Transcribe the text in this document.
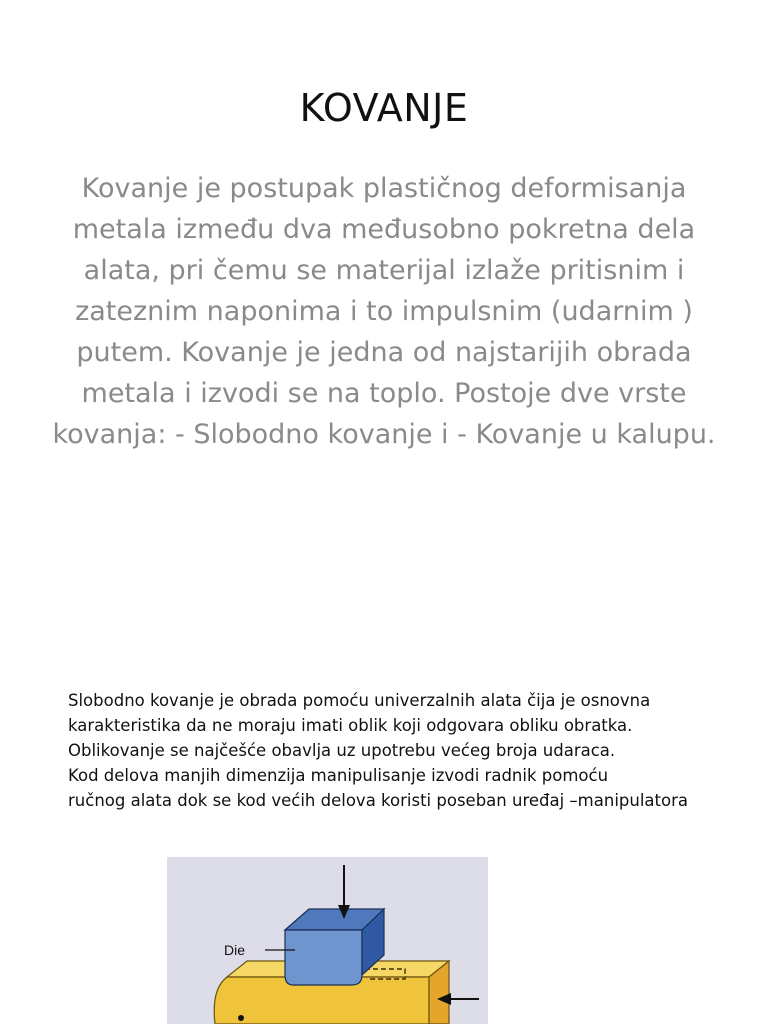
KOVANJE
Kovanje je postupak plastičnog deformisanja metala između dva međusobno pokretna dela alata, pri čemu se materijal izlaže pritisnim i zateznim naponima i to impulsnim (udarnim ) putem. Kovanje je jedna od najstarijih obrada metala i izvodi se na toplo. Postoje dve vrste kovanja: - Slobodno kovanje i - Kovanje u kalupu.

Slobodno kovanje je obrada pomoću univerzalnih alata čija je osnovna

karakteristika da ne moraju imati oblik koji odgovara obliku obratka.

Oblikovanje se najčešće obavlja uz upotrebu većeg broja udaraca.

Kod delova manjih dimenzija manipulisanje izvodi radnik pomoću

ručnog alata dok se kod većih delova koristi poseban uređaj –manipulatora

Die
